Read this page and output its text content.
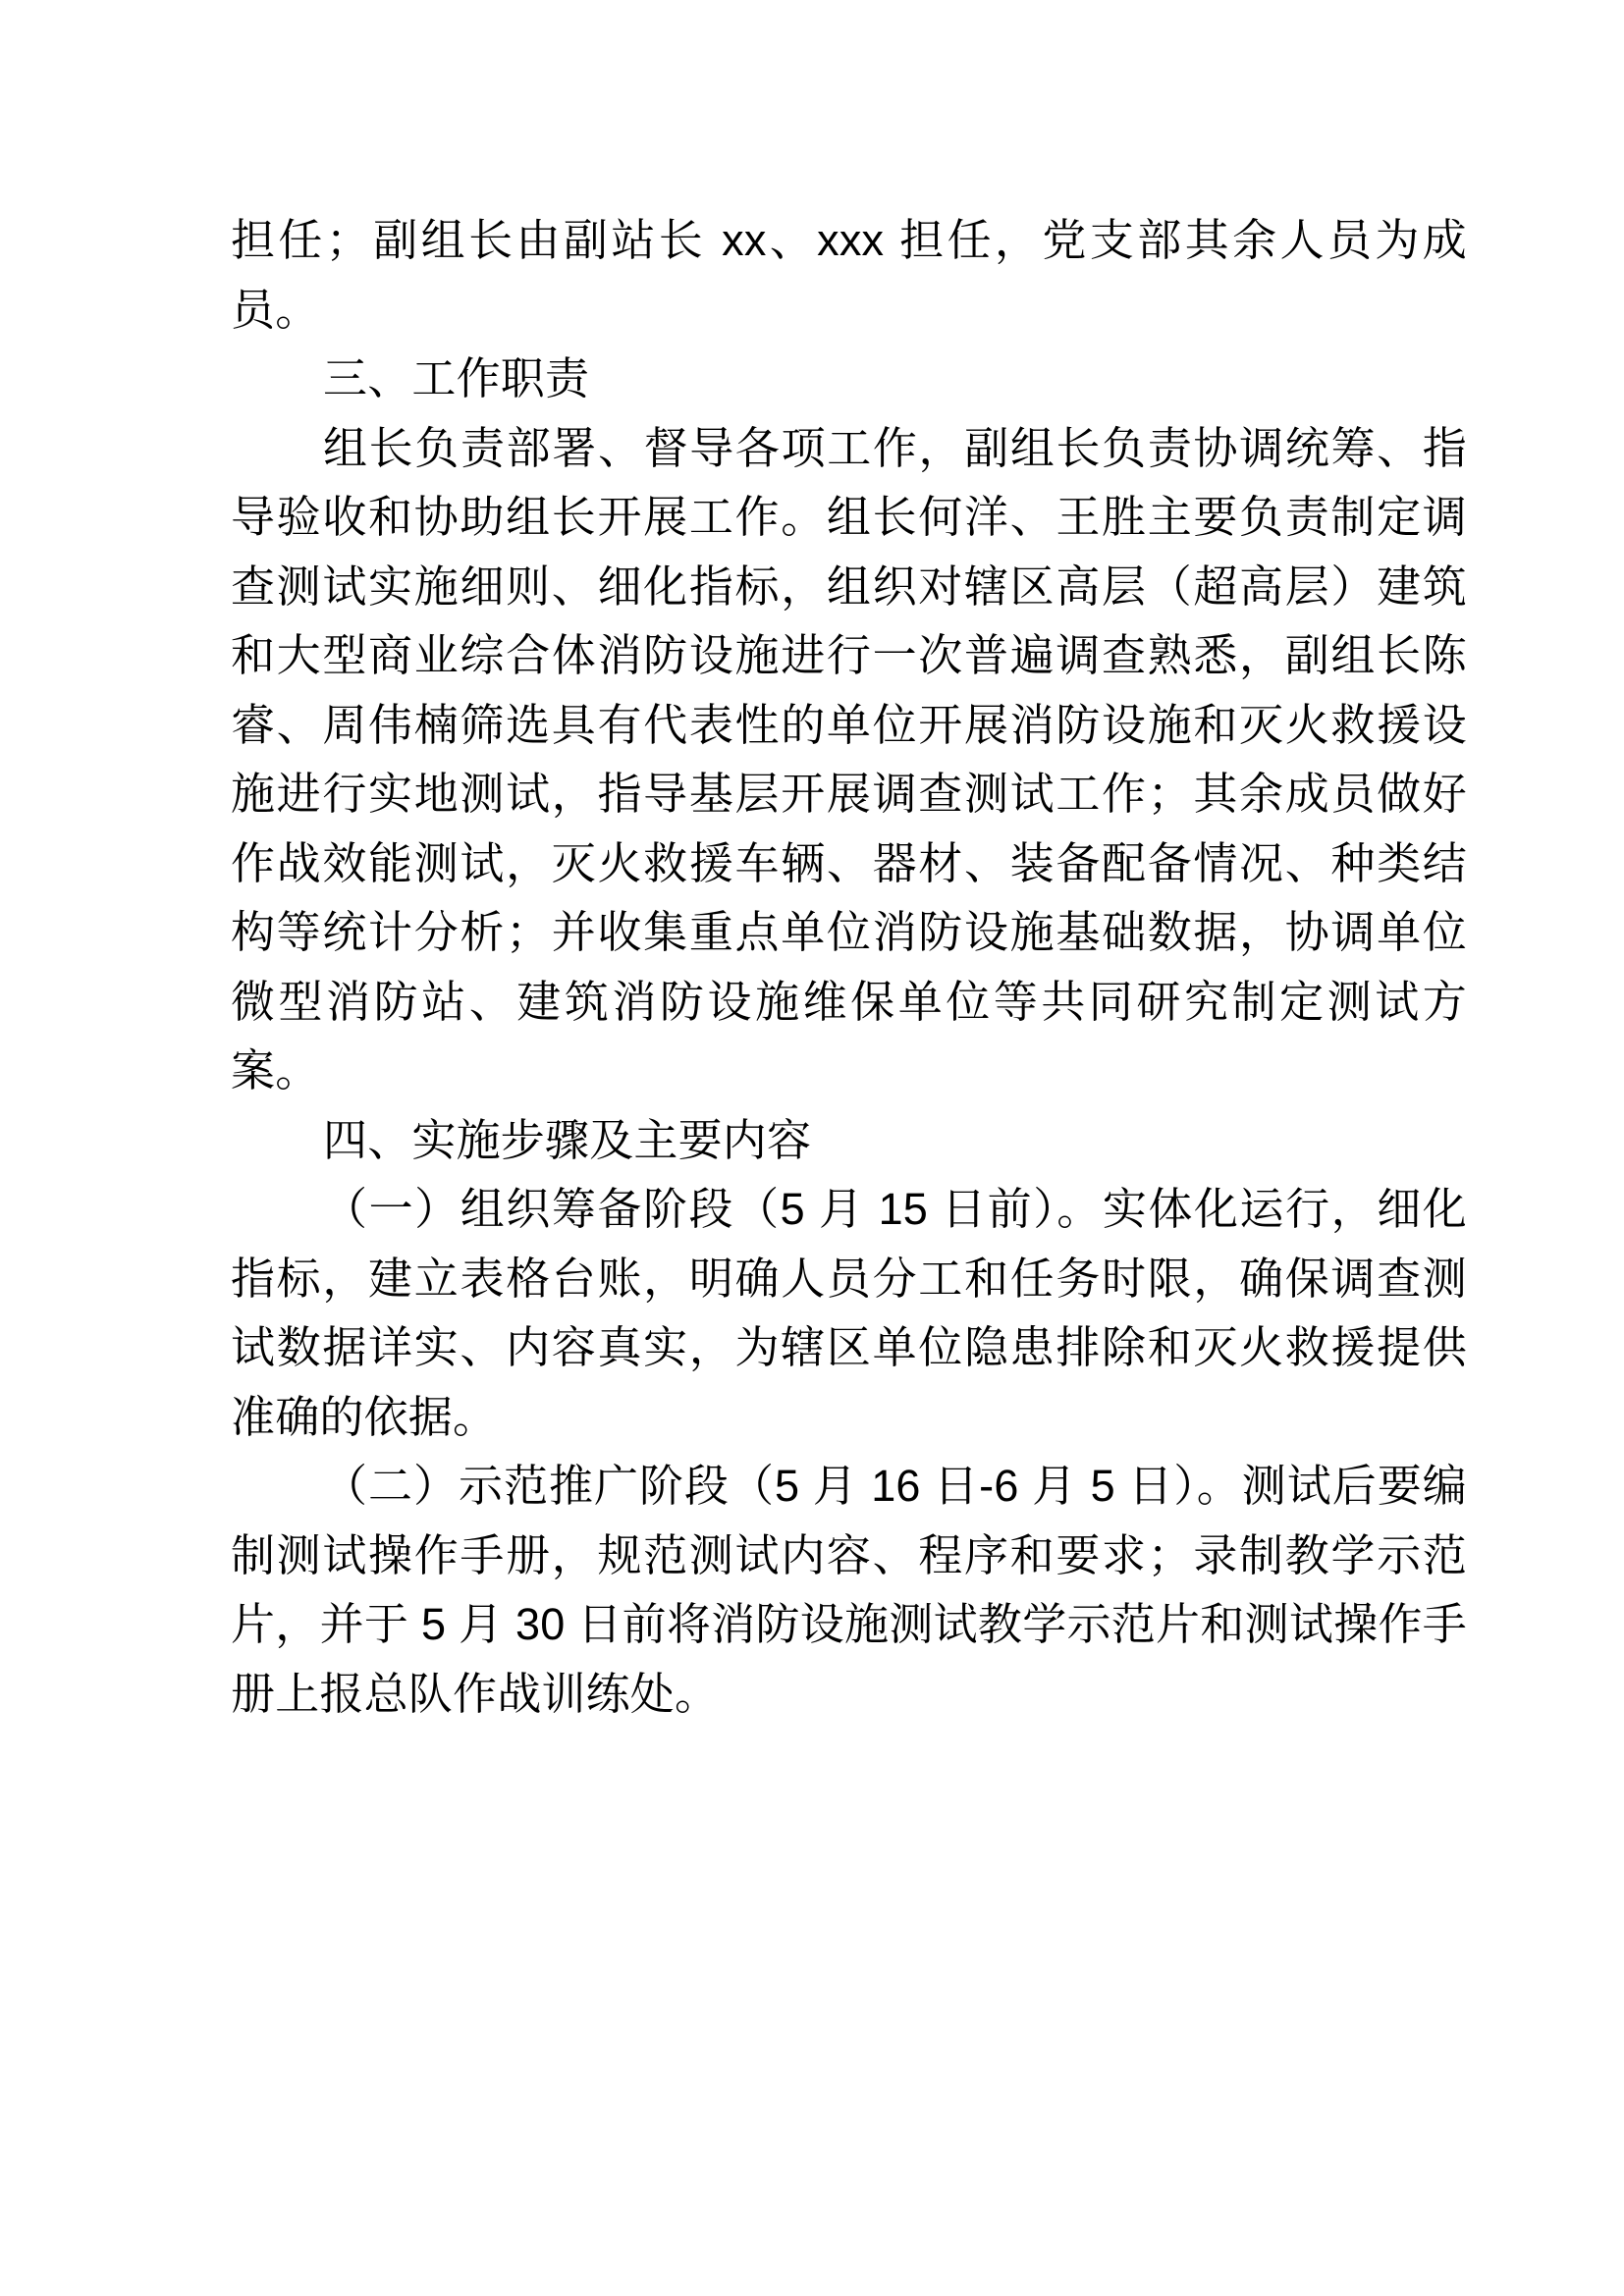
担任；副组长由副站长 xx、xxx 担任，党支部其余人员为成员。

三、工作职责

组长负责部署、督导各项工作，副组长负责协调统筹、指导验收和协助组长开展工作。组长何洋、王胜主要负责制定调查测试实施细则、细化指标，组织对辖区高层（超高层）建筑和大型商业综合体消防设施进行一次普遍调查熟悉，副组长陈睿、周伟楠筛选具有代表性的单位开展消防设施和灭火救援设施进行实地测试，指导基层开展调查测试工作；其余成员做好作战效能测试，灭火救援车辆、器材、装备配备情况、种类结构等统计分析；并收集重点单位消防设施基础数据，协调单位微型消防站、建筑消防设施维保单位等共同研究制定测试方案。

四、实施步骤及主要内容

（一）组织筹备阶段（5 月 15 日前）。实体化运行，细化指标，建立表格台账，明确人员分工和任务时限，确保调查测试数据详实、内容真实，为辖区单位隐患排除和灭火救援提供准确的依据。

（二）示范推广阶段（5 月 16 日-6 月 5 日）。测试后要编制测试操作手册，规范测试内容、程序和要求；录制教学示范片，并于 5 月 30 日前将消防设施测试教学示范片和测试操作手册上报总队作战训练处。
